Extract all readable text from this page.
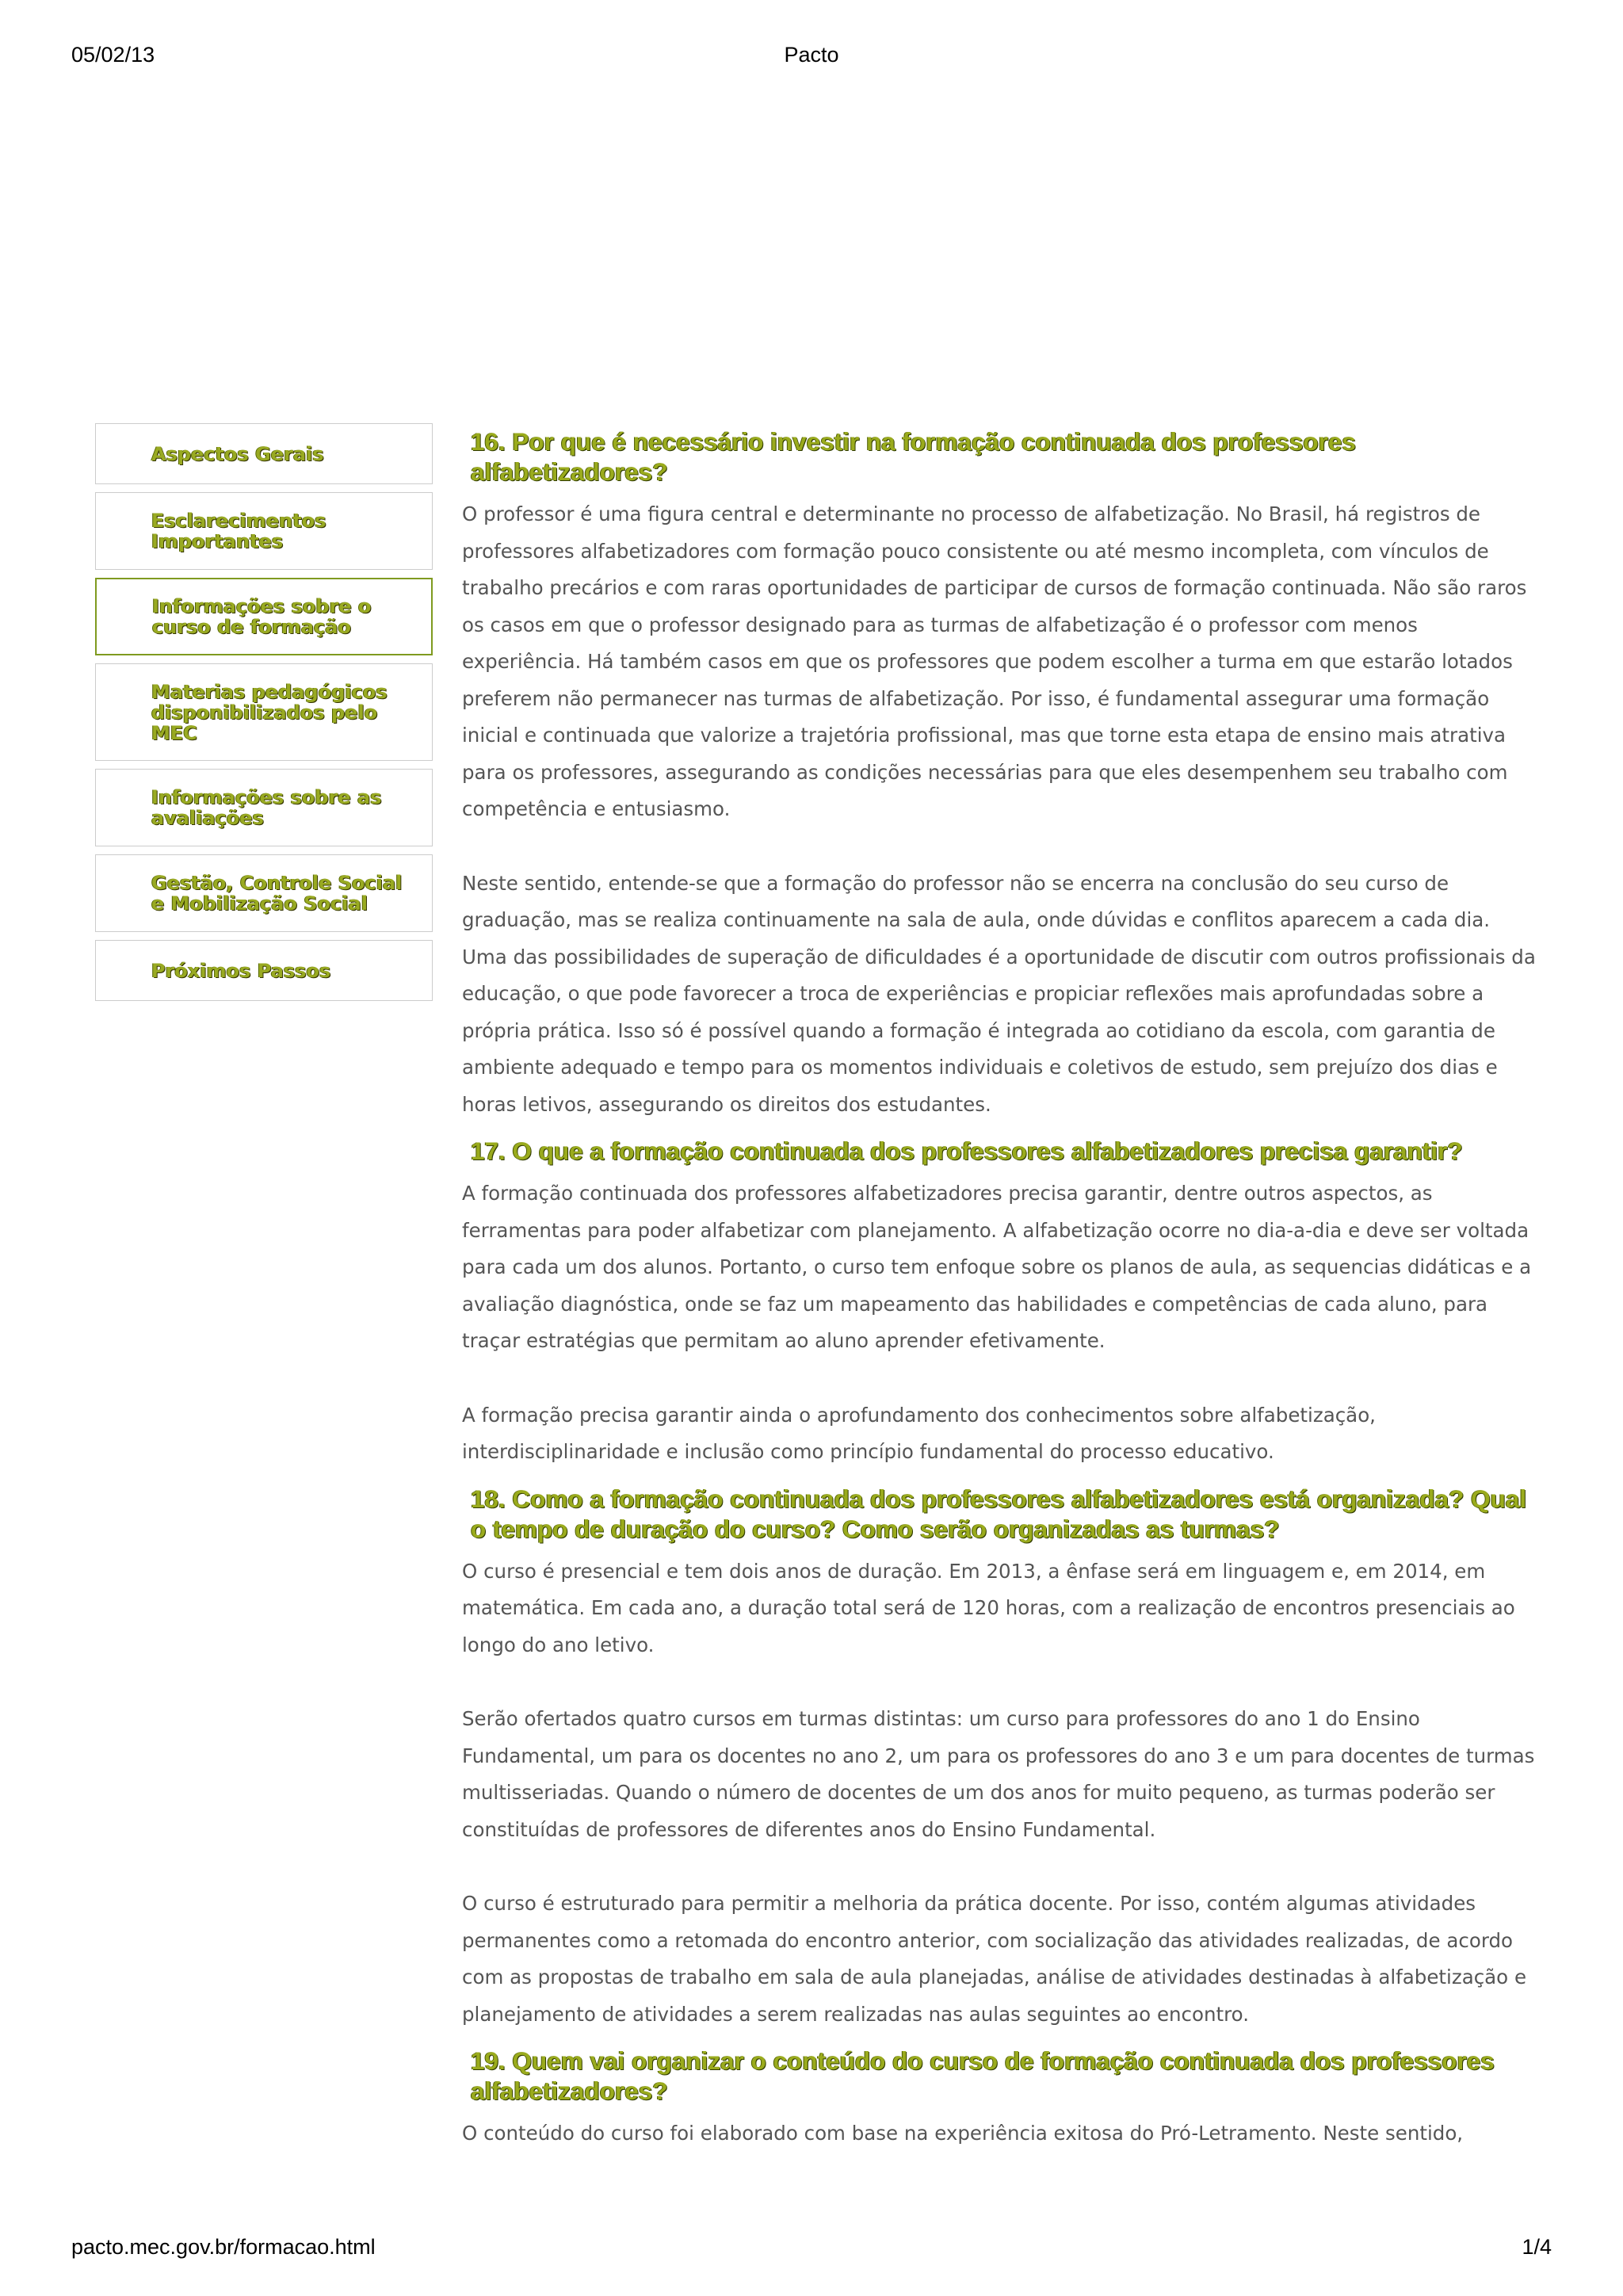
05/02/13	Pacto
Aspectos Gerais
Esclarecimentos Importantes
Informações sobre o curso de formação
Materias pedagógicos disponibilizados pelo MEC
Informações sobre as avaliações
Gestão, Controle Social e Mobilização Social
Próximos Passos
16. Por que é necessário investir na formação continuada dos professores alfabetizadores?

O professor é uma figura central e determinante no processo de alfabetização. No Brasil, há registros de professores alfabetizadores com formação pouco consistente ou até mesmo incompleta, com vínculos de trabalho precários e com raras oportunidades de participar de cursos de formação continuada. Não são raros os casos em que o professor designado para as turmas de alfabetização é o professor com menos experiência. Há também casos em que os professores que podem escolher a turma em que estarão lotados preferem não permanecer nas turmas de alfabetização. Por isso, é fundamental assegurar uma formação inicial e continuada que valorize a trajetória profissional, mas que torne esta etapa de ensino mais atrativa para os professores, assegurando as condições necessárias para que eles desempenhem seu trabalho com competência e entusiasmo.

Neste sentido, entende-se que a formação do professor não se encerra na conclusão do seu curso de graduação, mas se realiza continuamente na sala de aula, onde dúvidas e conflitos aparecem a cada dia. Uma das possibilidades de superação de dificuldades é a oportunidade de discutir com outros profissionais da educação, o que pode favorecer a troca de experiências e propiciar reflexões mais aprofundadas sobre a própria prática. Isso só é possível quando a formação é integrada ao cotidiano da escola, com garantia de ambiente adequado e tempo para os momentos individuais e coletivos de estudo, sem prejuízo dos dias e horas letivos, assegurando os direitos dos estudantes.

17. O que a formação continuada dos professores alfabetizadores precisa garantir?

A formação continuada dos professores alfabetizadores precisa garantir, dentre outros aspectos, as ferramentas para poder alfabetizar com planejamento. A alfabetização ocorre no dia-a-dia e deve ser voltada para cada um dos alunos. Portanto, o curso tem enfoque sobre os planos de aula, as sequencias didáticas e a avaliação diagnóstica, onde se faz um mapeamento das habilidades e competências de cada aluno, para traçar estratégias que permitam ao aluno aprender efetivamente.

A formação precisa garantir ainda o aprofundamento dos conhecimentos sobre alfabetização, interdisciplinaridade e inclusão como princípio fundamental do processo educativo.

18. Como a formação continuada dos professores alfabetizadores está organizada? Qual o tempo de duração do curso? Como serão organizadas as turmas?

O curso é presencial e tem dois anos de duração. Em 2013, a ênfase será em linguagem e, em 2014, em matemática. Em cada ano, a duração total será de 120 horas, com a realização de encontros presenciais ao longo do ano letivo.

Serão ofertados quatro cursos em turmas distintas: um curso para professores do ano 1 do Ensino Fundamental, um para os docentes no ano 2, um para os professores do ano 3 e um para docentes de turmas multisseriadas. Quando o número de docentes de um dos anos for muito pequeno, as turmas poderão ser constituídas de professores de diferentes anos do Ensino Fundamental.

O curso é estruturado para permitir a melhoria da prática docente. Por isso, contém algumas atividades permanentes como a retomada do encontro anterior, com socialização das atividades realizadas, de acordo com as propostas de trabalho em sala de aula planejadas, análise de atividades destinadas à alfabetização e planejamento de atividades a serem realizadas nas aulas seguintes ao encontro.

19. Quem vai organizar o conteúdo do curso de formação continuada dos professores alfabetizadores?

O conteúdo do curso foi elaborado com base na experiência exitosa do Pró-Letramento. Neste sentido,

pacto.mec.gov.br/formacao.html	1/4
